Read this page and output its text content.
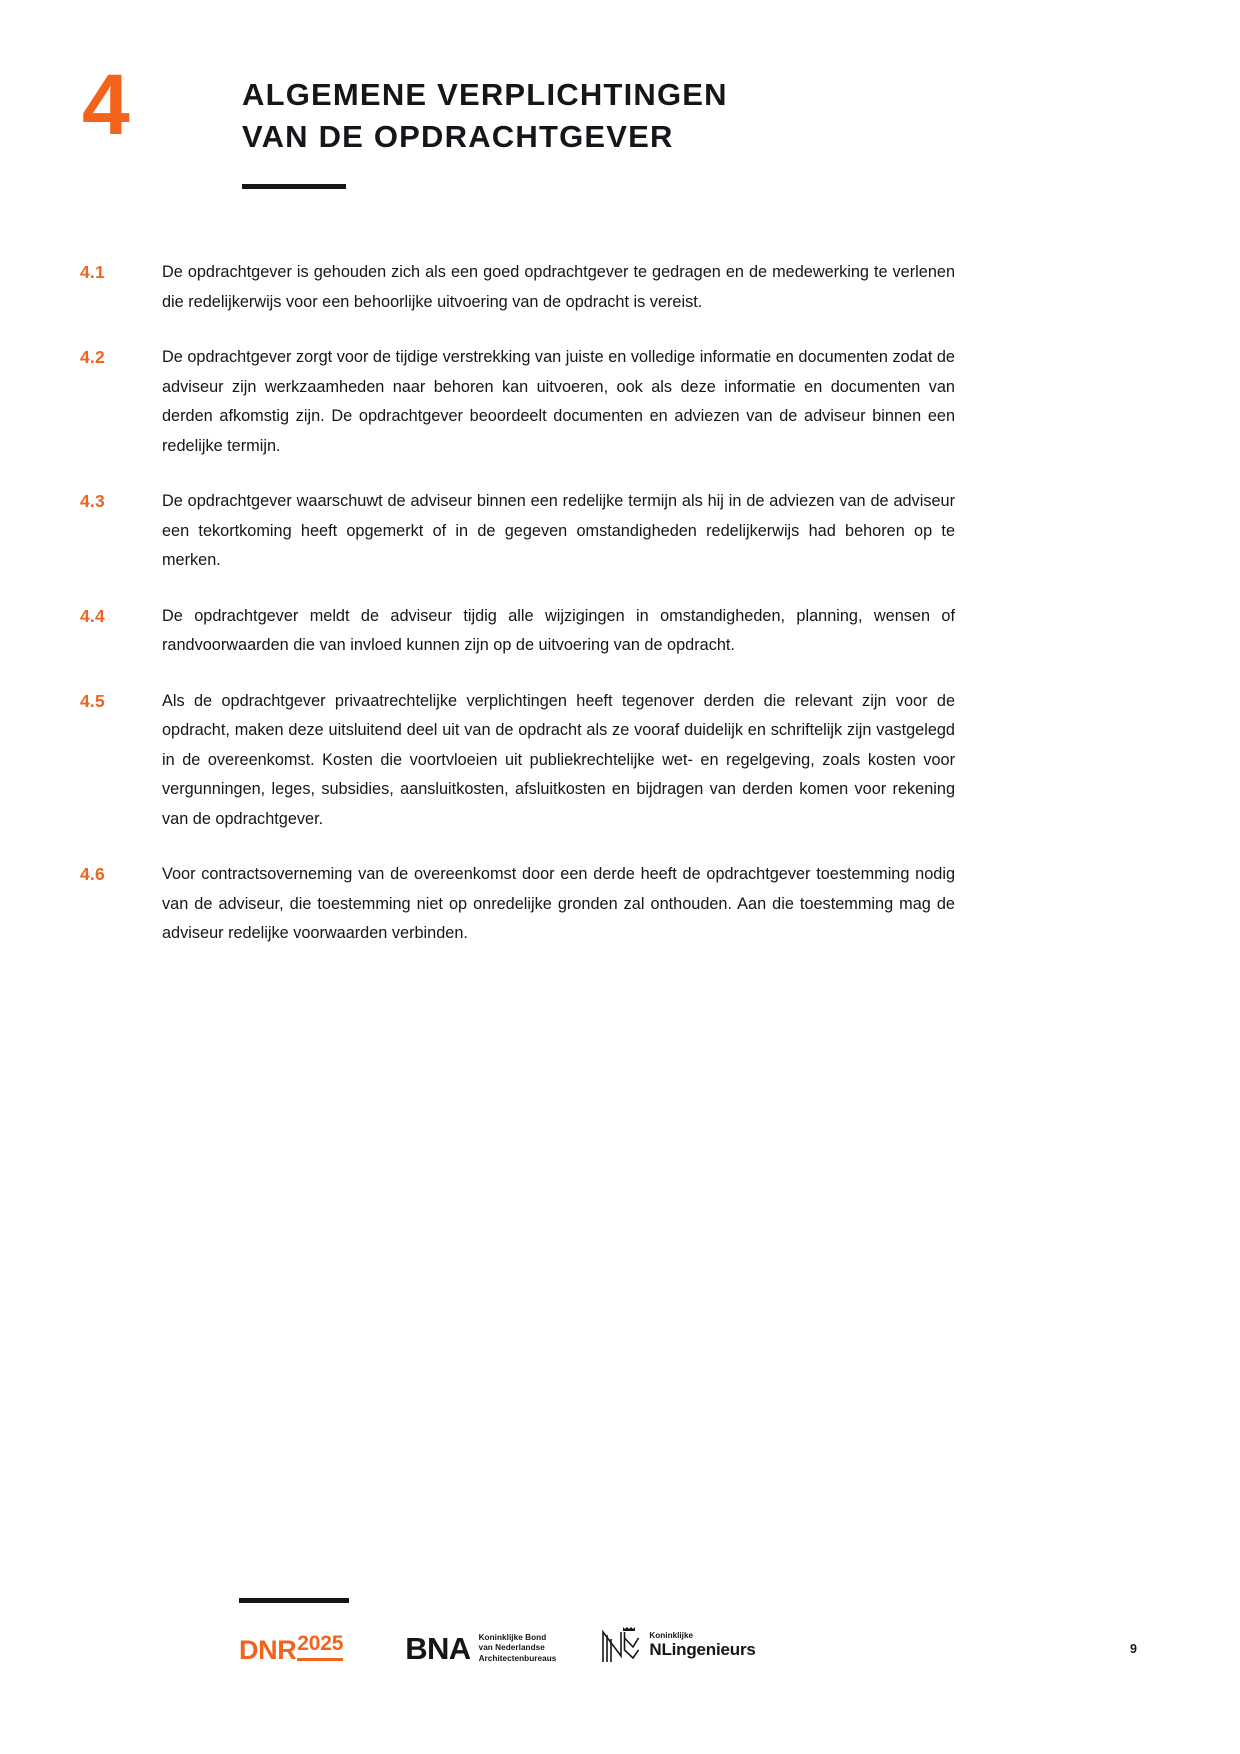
4	ALGEMENE VERPLICHTINGEN
VAN DE OPDRACHTGEVER
4.1	De opdrachtgever is gehouden zich als een goed opdrachtgever te gedragen en de medewerking te verlenen die redelijkerwijs voor een behoorlijke uitvoering van de opdracht is vereist.
4.2	De opdrachtgever zorgt voor de tijdige verstrekking van juiste en volledige informatie en documenten zodat de adviseur zijn werkzaamheden naar behoren kan uitvoeren, ook als deze informatie en documenten van derden afkomstig zijn. De opdrachtgever beoordeelt documenten en adviezen van de adviseur binnen een redelijke termijn.
4.3	De opdrachtgever waarschuwt de adviseur binnen een redelijke termijn als hij in de adviezen van de adviseur een tekortkoming heeft opgemerkt of in de gegeven omstandigheden redelijkerwijs had behoren op te merken.
4.4	De opdrachtgever meldt de adviseur tijdig alle wijzigingen in omstandigheden, planning, wensen of randvoorwaarden die van invloed kunnen zijn op de uitvoering van de opdracht.
4.5	Als de opdrachtgever privaatrechtelijke verplichtingen heeft tegenover derden die relevant zijn voor de opdracht, maken deze uitsluitend deel uit van de opdracht als ze vooraf duidelijk en schriftelijk zijn vastgelegd in de overeenkomst. Kosten die voortvloeien uit publiekrechtelijke wet- en regelgeving, zoals kosten voor vergunningen, leges, subsidies, aansluitkosten, afsluitkosten en bijdragen van derden komen voor rekening van de opdrachtgever.
4.6	Voor contractsoverneming van de overeenkomst door een derde heeft de opdrachtgever toestemming nodig van de adviseur, die toestemming niet op onredelijke gronden zal onthouden. Aan die toestemming mag de adviseur redelijke voorwaarden verbinden.
DNR 2025 BNA Koninklijke Bond
van Nederlandse
Architectenbureaus
Koninklijke
NLingenieurs	9
